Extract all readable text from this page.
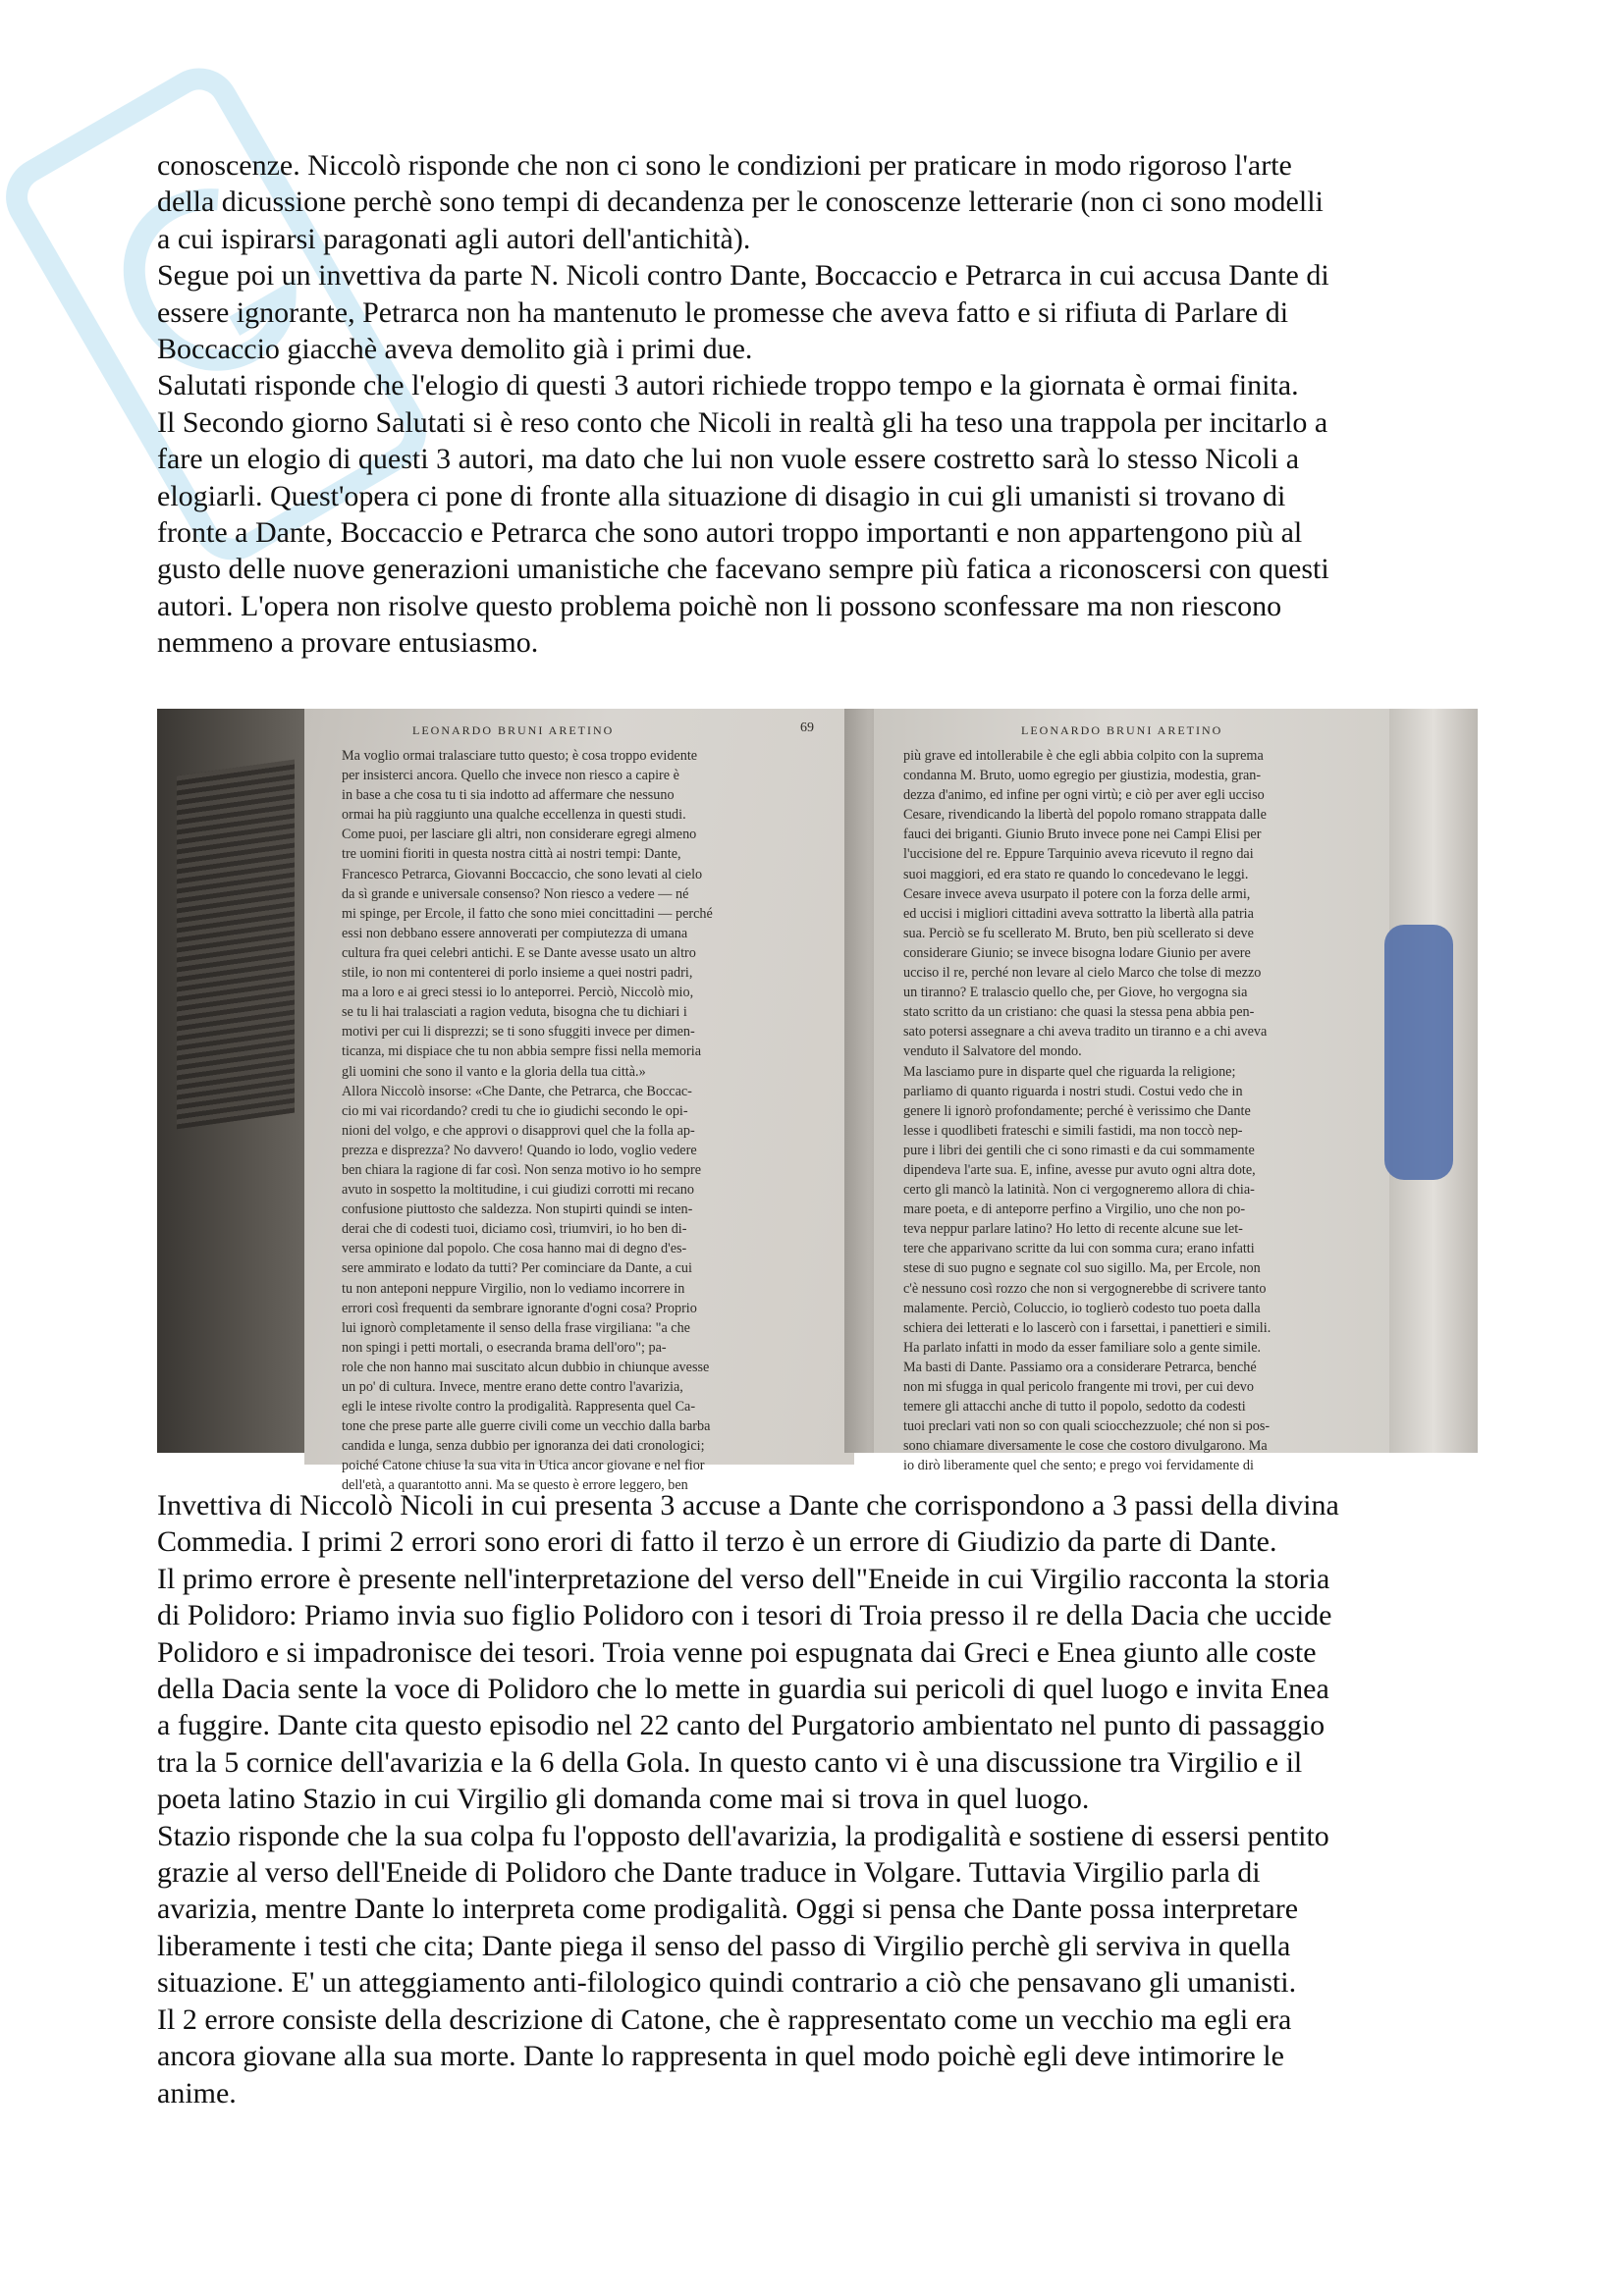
conoscenze. Niccolò risponde che non ci sono le condizioni per praticare in modo rigoroso l'arte
della dicussione perchè sono tempi di decandenza per le conoscenze letterarie (non ci sono modelli
a cui ispirarsi paragonati agli autori dell'antichità).
Segue poi un invettiva da parte N. Nicoli contro Dante, Boccaccio e Petrarca in cui accusa Dante di
essere ignorante, Petrarca non ha mantenuto le promesse che aveva fatto e si rifiuta di Parlare di
Boccaccio giacchè aveva demolito già i primi due.
Salutati risponde che l'elogio di questi 3 autori richiede troppo tempo e la giornata è ormai finita.
Il Secondo giorno Salutati si è reso conto che Nicoli in realtà gli ha teso una trappola per incitarlo a
fare un elogio di questi 3 autori, ma dato che lui non vuole essere costretto sarà lo stesso Nicoli a
elogiarli. Quest'opera ci pone di fronte alla situazione di disagio in cui gli umanisti si trovano di
fronte a Dante, Boccaccio e Petrarca che sono autori troppo importanti e non appartengono più al
gusto delle nuove generazioni umanistiche che facevano sempre più fatica a riconoscersi con questi
autori. L'opera non risolve questo problema poichè non li possono sconfessare ma non riescono
nemmeno a provare entusiasmo.
LEONARDO BRUNI ARETINO	69
Ma voglio ormai tralasciare tutto questo; è cosa troppo evidente
per insisterci ancora. Quello che invece non riesco a capire è
in base a che cosa tu ti sia indotto ad affermare che nessuno
ormai ha più raggiunto una qualche eccellenza in questi studi.
Come puoi, per lasciare gli altri, non considerare egregi almeno
tre uomini fioriti in questa nostra città ai nostri tempi: Dante,
Francesco Petrarca, Giovanni Boccaccio, che sono levati al cielo
da sì grande e universale consenso? Non riesco a vedere — né
mi spinge, per Ercole, il fatto che sono miei concittadini — perché
essi non debbano essere annoverati per compiutezza di umana
cultura fra quei celebri antichi. E se Dante avesse usato un altro
stile, io non mi contenterei di porlo insieme a quei nostri padri,
ma a loro e ai greci stessi io lo anteporrei. Perciò, Niccolò mio,
se tu li hai tralasciati a ragion veduta, bisogna che tu dichiari i
motivi per cui li disprezzi; se ti sono sfuggiti invece per dimen-
ticanza, mi dispiace che tu non abbia sempre fissi nella memoria
gli uomini che sono il vanto e la gloria della tua città.»
Allora Niccolò insorse: «Che Dante, che Petrarca, che Boccac-
cio mi vai ricordando? credi tu che io giudichi secondo le opi-
nioni del volgo, e che approvi o disapprovi quel che la folla ap-
prezza e disprezza? No davvero! Quando io lodo, voglio vedere
ben chiara la ragione di far così. Non senza motivo io ho sempre
avuto in sospetto la moltitudine, i cui giudizi corrotti mi recano
confusione piuttosto che saldezza. Non stupirti quindi se inten-
derai che di codesti tuoi, diciamo così, triumviri, io ho ben di-
versa opinione dal popolo. Che cosa hanno mai di degno d'es-
sere ammirato e lodato da tutti? Per cominciare da Dante, a cui
tu non anteponi neppure Virgilio, non lo vediamo incorrere in
errori così frequenti da sembrare ignorante d'ogni cosa? Proprio
lui ignorò completamente il senso della frase virgiliana: "a che
non spingi i petti mortali, o esecranda brama dell'oro"; pa-
role che non hanno mai suscitato alcun dubbio in chiunque avesse
un po' di cultura. Invece, mentre erano dette contro l'avarizia,
egli le intese rivolte contro la prodigalità. Rappresenta quel Ca-
tone che prese parte alle guerre civili come un vecchio dalla barba
candida e lunga, senza dubbio per ignoranza dei dati cronologici;
poiché Catone chiuse la sua vita in Utica ancor giovane e nel fior
dell'età, a quarantotto anni. Ma se questo è errore leggero, ben
LEONARDO BRUNI ARETINO
più grave ed intollerabile è che egli abbia colpito con la suprema
condanna M. Bruto, uomo egregio per giustizia, modestia, gran-
dezza d'animo, ed infine per ogni virtù; e ciò per aver egli ucciso
Cesare, rivendicando la libertà del popolo romano strappata dalle
fauci dei briganti. Giunio Bruto invece pone nei Campi Elisi per
l'uccisione del re. Eppure Tarquinio aveva ricevuto il regno dai
suoi maggiori, ed era stato re quando lo concedevano le leggi.
Cesare invece aveva usurpato il potere con la forza delle armi,
ed uccisi i migliori cittadini aveva sottratto la libertà alla patria
sua. Perciò se fu scellerato M. Bruto, ben più scellerato si deve
considerare Giunio; se invece bisogna lodare Giunio per avere
ucciso il re, perché non levare al cielo Marco che tolse di mezzo
un tiranno? E tralascio quello che, per Giove, ho vergogna sia
stato scritto da un cristiano: che quasi la stessa pena abbia pen-
sato potersi assegnare a chi aveva tradito un tiranno e a chi aveva
venduto il Salvatore del mondo.
Ma lasciamo pure in disparte quel che riguarda la religione;
parliamo di quanto riguarda i nostri studi. Costui vedo che in
genere li ignorò profondamente; perché è verissimo che Dante
lesse i quodlibeti frateschi e simili fastidi, ma non toccò nep-
pure i libri dei gentili che ci sono rimasti e da cui sommamente
dipendeva l'arte sua. E, infine, avesse pur avuto ogni altra dote,
certo gli mancò la latinità. Non ci vergogneremo allora di chia-
mare poeta, e di anteporre perfino a Virgilio, uno che non po-
teva neppur parlare latino? Ho letto di recente alcune sue let-
tere che apparivano scritte da lui con somma cura; erano infatti
stese di suo pugno e segnate col suo sigillo. Ma, per Ercole, non
c'è nessuno così rozzo che non si vergognerebbe di scrivere tanto
malamente. Perciò, Coluccio, io toglierò codesto tuo poeta dalla
schiera dei letterati e lo lascerò con i farsettai, i panettieri e simili.
Ha parlato infatti in modo da esser familiare solo a gente simile.
Ma basti di Dante. Passiamo ora a considerare Petrarca, benché
non mi sfugga in qual pericolo frangente mi trovi, per cui devo
temere gli attacchi anche di tutto il popolo, sedotto da codesti
tuoi preclari vati non so con quali sciocchezzuole; ché non si pos-
sono chiamare diversamente le cose che costoro divulgarono. Ma
io dirò liberamente quel che sento; e prego voi fervidamente di
Invettiva di Niccolò Nicoli in cui presenta 3 accuse a Dante che corrispondono a 3 passi della divina
Commedia. I primi 2 errori sono erori di fatto il terzo è un errore di Giudizio da parte di Dante.
Il primo errore è presente nell'interpretazione del verso dell"Eneide in cui Virgilio racconta la storia
di Polidoro: Priamo invia suo figlio Polidoro con i tesori di Troia presso il re della Dacia che uccide
Polidoro e si impadronisce dei tesori. Troia venne poi espugnata dai Greci e Enea giunto alle coste
della Dacia sente la voce di Polidoro che lo mette in guardia sui pericoli di quel luogo e invita Enea
a fuggire. Dante cita questo episodio nel 22 canto del Purgatorio ambientato nel punto di passaggio
tra la 5 cornice dell'avarizia e la 6 della Gola. In questo canto vi è una discussione tra Virgilio e il
poeta latino Stazio in cui Virgilio gli domanda come mai si trova in quel luogo.
Stazio risponde che la sua colpa fu l'opposto dell'avarizia, la prodigalità e sostiene di essersi pentito
grazie al verso dell'Eneide di Polidoro che Dante traduce in Volgare. Tuttavia Virgilio parla di
avarizia, mentre Dante lo interpreta come prodigalità. Oggi si pensa che Dante possa interpretare
liberamente i testi che cita; Dante piega il senso del passo di Virgilio perchè gli serviva in quella
situazione. E' un atteggiamento anti-filologico quindi contrario a ciò che pensavano gli umanisti.
Il 2 errore consiste della descrizione di Catone, che è rappresentato come un vecchio ma egli era
ancora giovane alla sua morte. Dante lo rappresenta in quel modo poichè egli deve intimorire le
anime.
